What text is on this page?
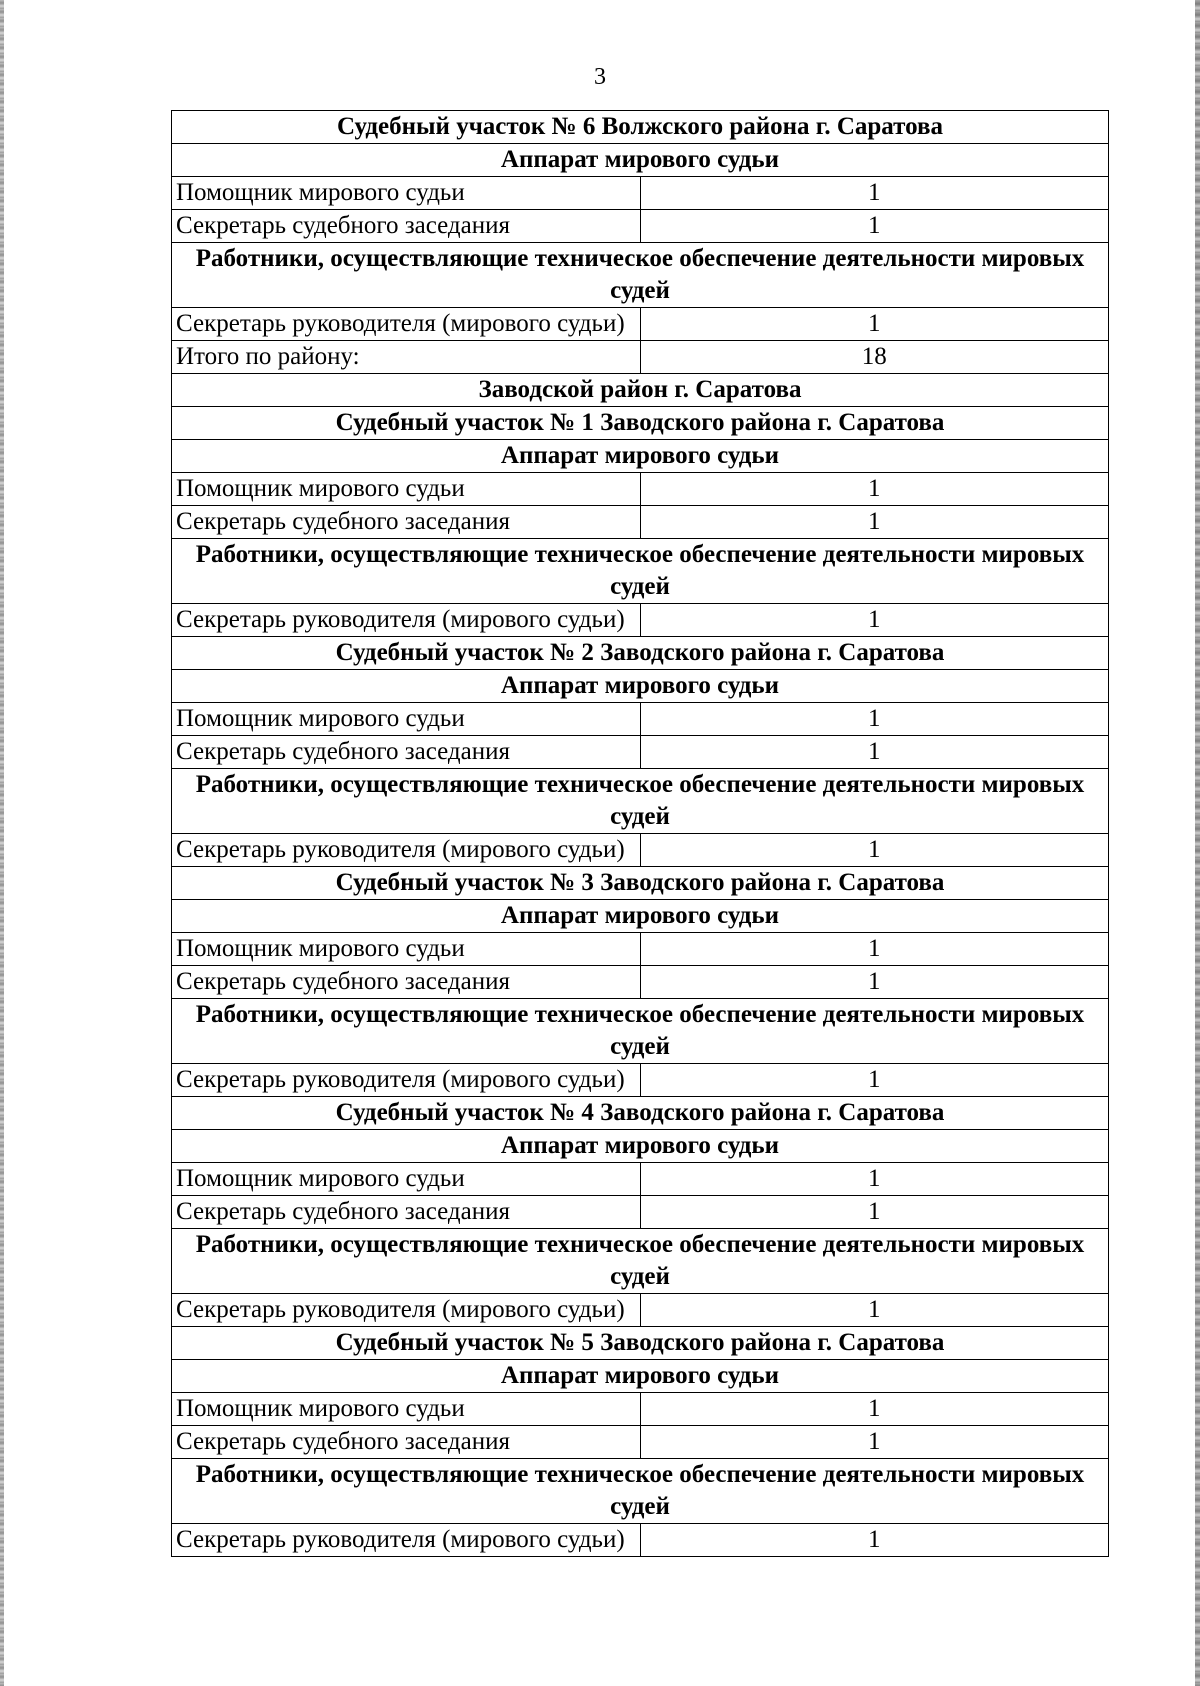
3
Судебный участок № 6 Волжского района г. Саратова	
Аппарат мирового судьи	
Помощник мирового судьи	1
Секретарь судебного заседания	1
Работники, осуществляющие техническое обеспечение деятельности мировых судей	
Секретарь руководителя (мирового судьи)	1
Итого по району:	18
Заводской район г. Саратова	
Судебный участок № 1 Заводского района г. Саратова	
Аппарат мирового судьи	
Помощник мирового судьи	1
Секретарь судебного заседания	1
Работники, осуществляющие техническое обеспечение деятельности мировых судей	
Секретарь руководителя (мирового судьи)	1
Судебный участок № 2 Заводского района г. Саратова	
Аппарат мирового судьи	
Помощник мирового судьи	1
Секретарь судебного заседания	1
Работники, осуществляющие техническое обеспечение деятельности мировых судей	
Секретарь руководителя (мирового судьи)	1
Судебный участок № 3 Заводского района г. Саратова	
Аппарат мирового судьи	
Помощник мирового судьи	1
Секретарь судебного заседания	1
Работники, осуществляющие техническое обеспечение деятельности мировых судей	
Секретарь руководителя (мирового судьи)	1
Судебный участок № 4 Заводского района г. Саратова	
Аппарат мирового судьи	
Помощник мирового судьи	1
Секретарь судебного заседания	1
Работники, осуществляющие техническое обеспечение деятельности мировых судей	
Секретарь руководителя (мирового судьи)	1
Судебный участок № 5 Заводского района г. Саратова	
Аппарат мирового судьи	
Помощник мирового судьи	1
Секретарь судебного заседания	1
Работники, осуществляющие техническое обеспечение деятельности мировых судей	
Секретарь руководителя (мирового судьи)	1
